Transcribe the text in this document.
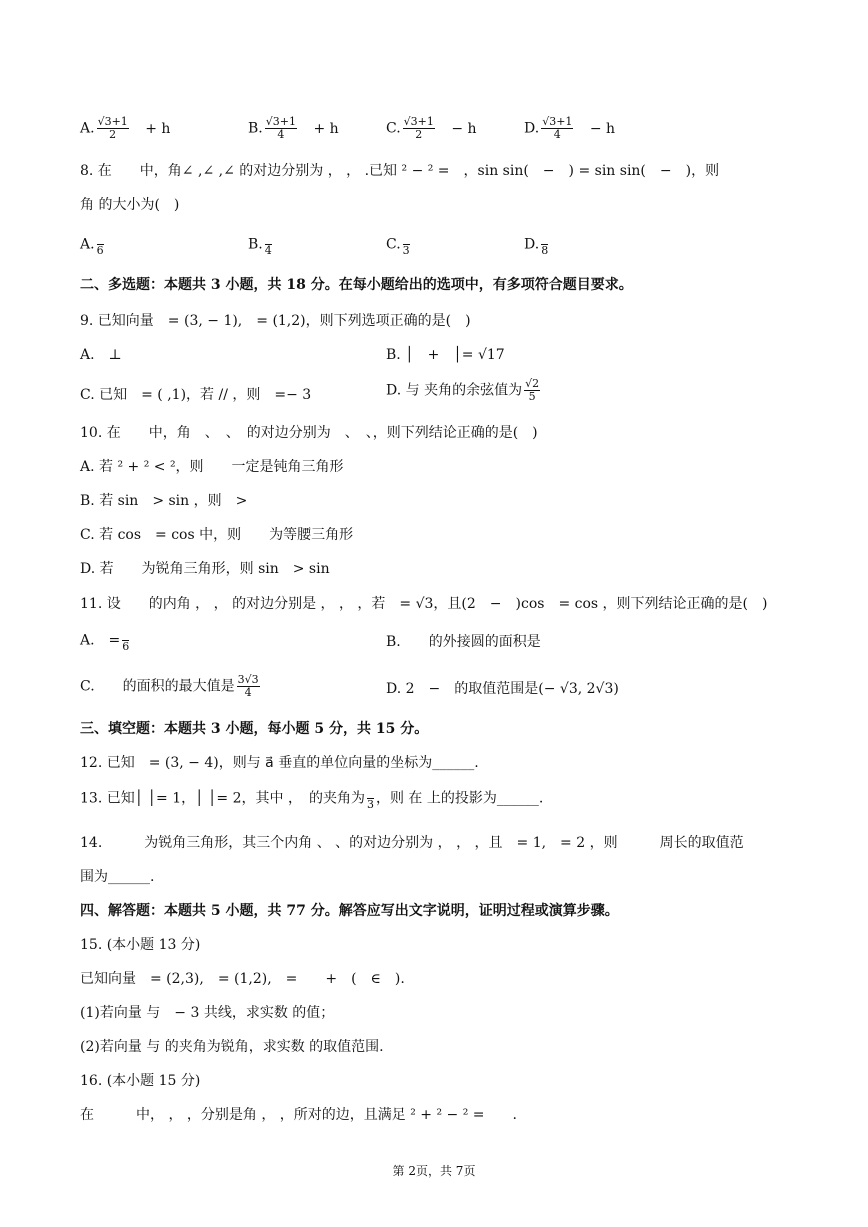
A. $\frac{√3+1}{2} + h$	B. $\frac{√3+1}{4} + h$	C. $\frac{√3+1}{2} - h$	D. $\frac{√3+1}{4} - h$
8. 在　　中，角∠ ,∠ ,∠ 的对边分别为 ， ， .已知 ² − ² =　，sin sin(　−　) = sin sin(　−　)，则
角 的大小为(　)
A.
6	B.
4	C.
3	D.
8
二、多选题：本题共 3 小题，共 18 分。在每小题给出的选项中，有多项符合题目要求。
9. 已知向量　= (3, − 1),　= (1,2)，则下列选项正确的是(　)
A.　⊥	B. │　+　│= √17
C. 已知　= ( ,1)，若 // ，则　=− 3	D. 与 夹角的余弦值为 $\frac{√2}{5}$
10. 在　　中，角　、　、　的对边分别为　、　、，则下列结论正确的是(　)
A. 若 ² + ² < ²，则　　一定是钝角三角形
B. 若 sin　> sin ，则　>
C. 若 cos　= cos 中，则　　为等腰三角形
D. 若　　为锐角三角形，则 sin　> sin
11. 设　　的内角 ， ， 的对边分别是 ， ， ，若　= √3，且(2　−　)cos　= cos ，则下列结论正确的是(　)
A.　=
6	B.　　的外接圆的面积是
C.　　的面积的最大值是 $\frac{3√3}{4}$	D. 2　−　的取值范围是(− √3, 2√3)
三、填空题：本题共 3 小题，每小题 5 分，共 15 分。
12. 已知　= (3, − 4)，则与 a⃗ 垂直的单位向量的坐标为______.
13. 已知│ │= 1，│ │= 2，其中 ，　的夹角为
3 ，则 在 上的投影为______.
14.　　　为锐角三角形，其三个内角 、 、的对边分别为 ， ， ，且　= 1,　= 2 ，则　　　周长的取值范
围为______.
四、解答题：本题共 5 小题，共 77 分。解答应写出文字说明，证明过程或演算步骤。
15. (本小题 13 分)
已知向量　= (2,3),　= (1,2),　=　　+　(　∈　).
(1)若向量 与　− 3 共线，求实数 的值；
(2)若向量 与 的夹角为锐角，求实数 的取值范围.
16. (本小题 15 分)
在　　　中， ， ，分别是角 ， ，所对的边，且满足 ² + ² − ² =　　.
第 2页，共 7页
